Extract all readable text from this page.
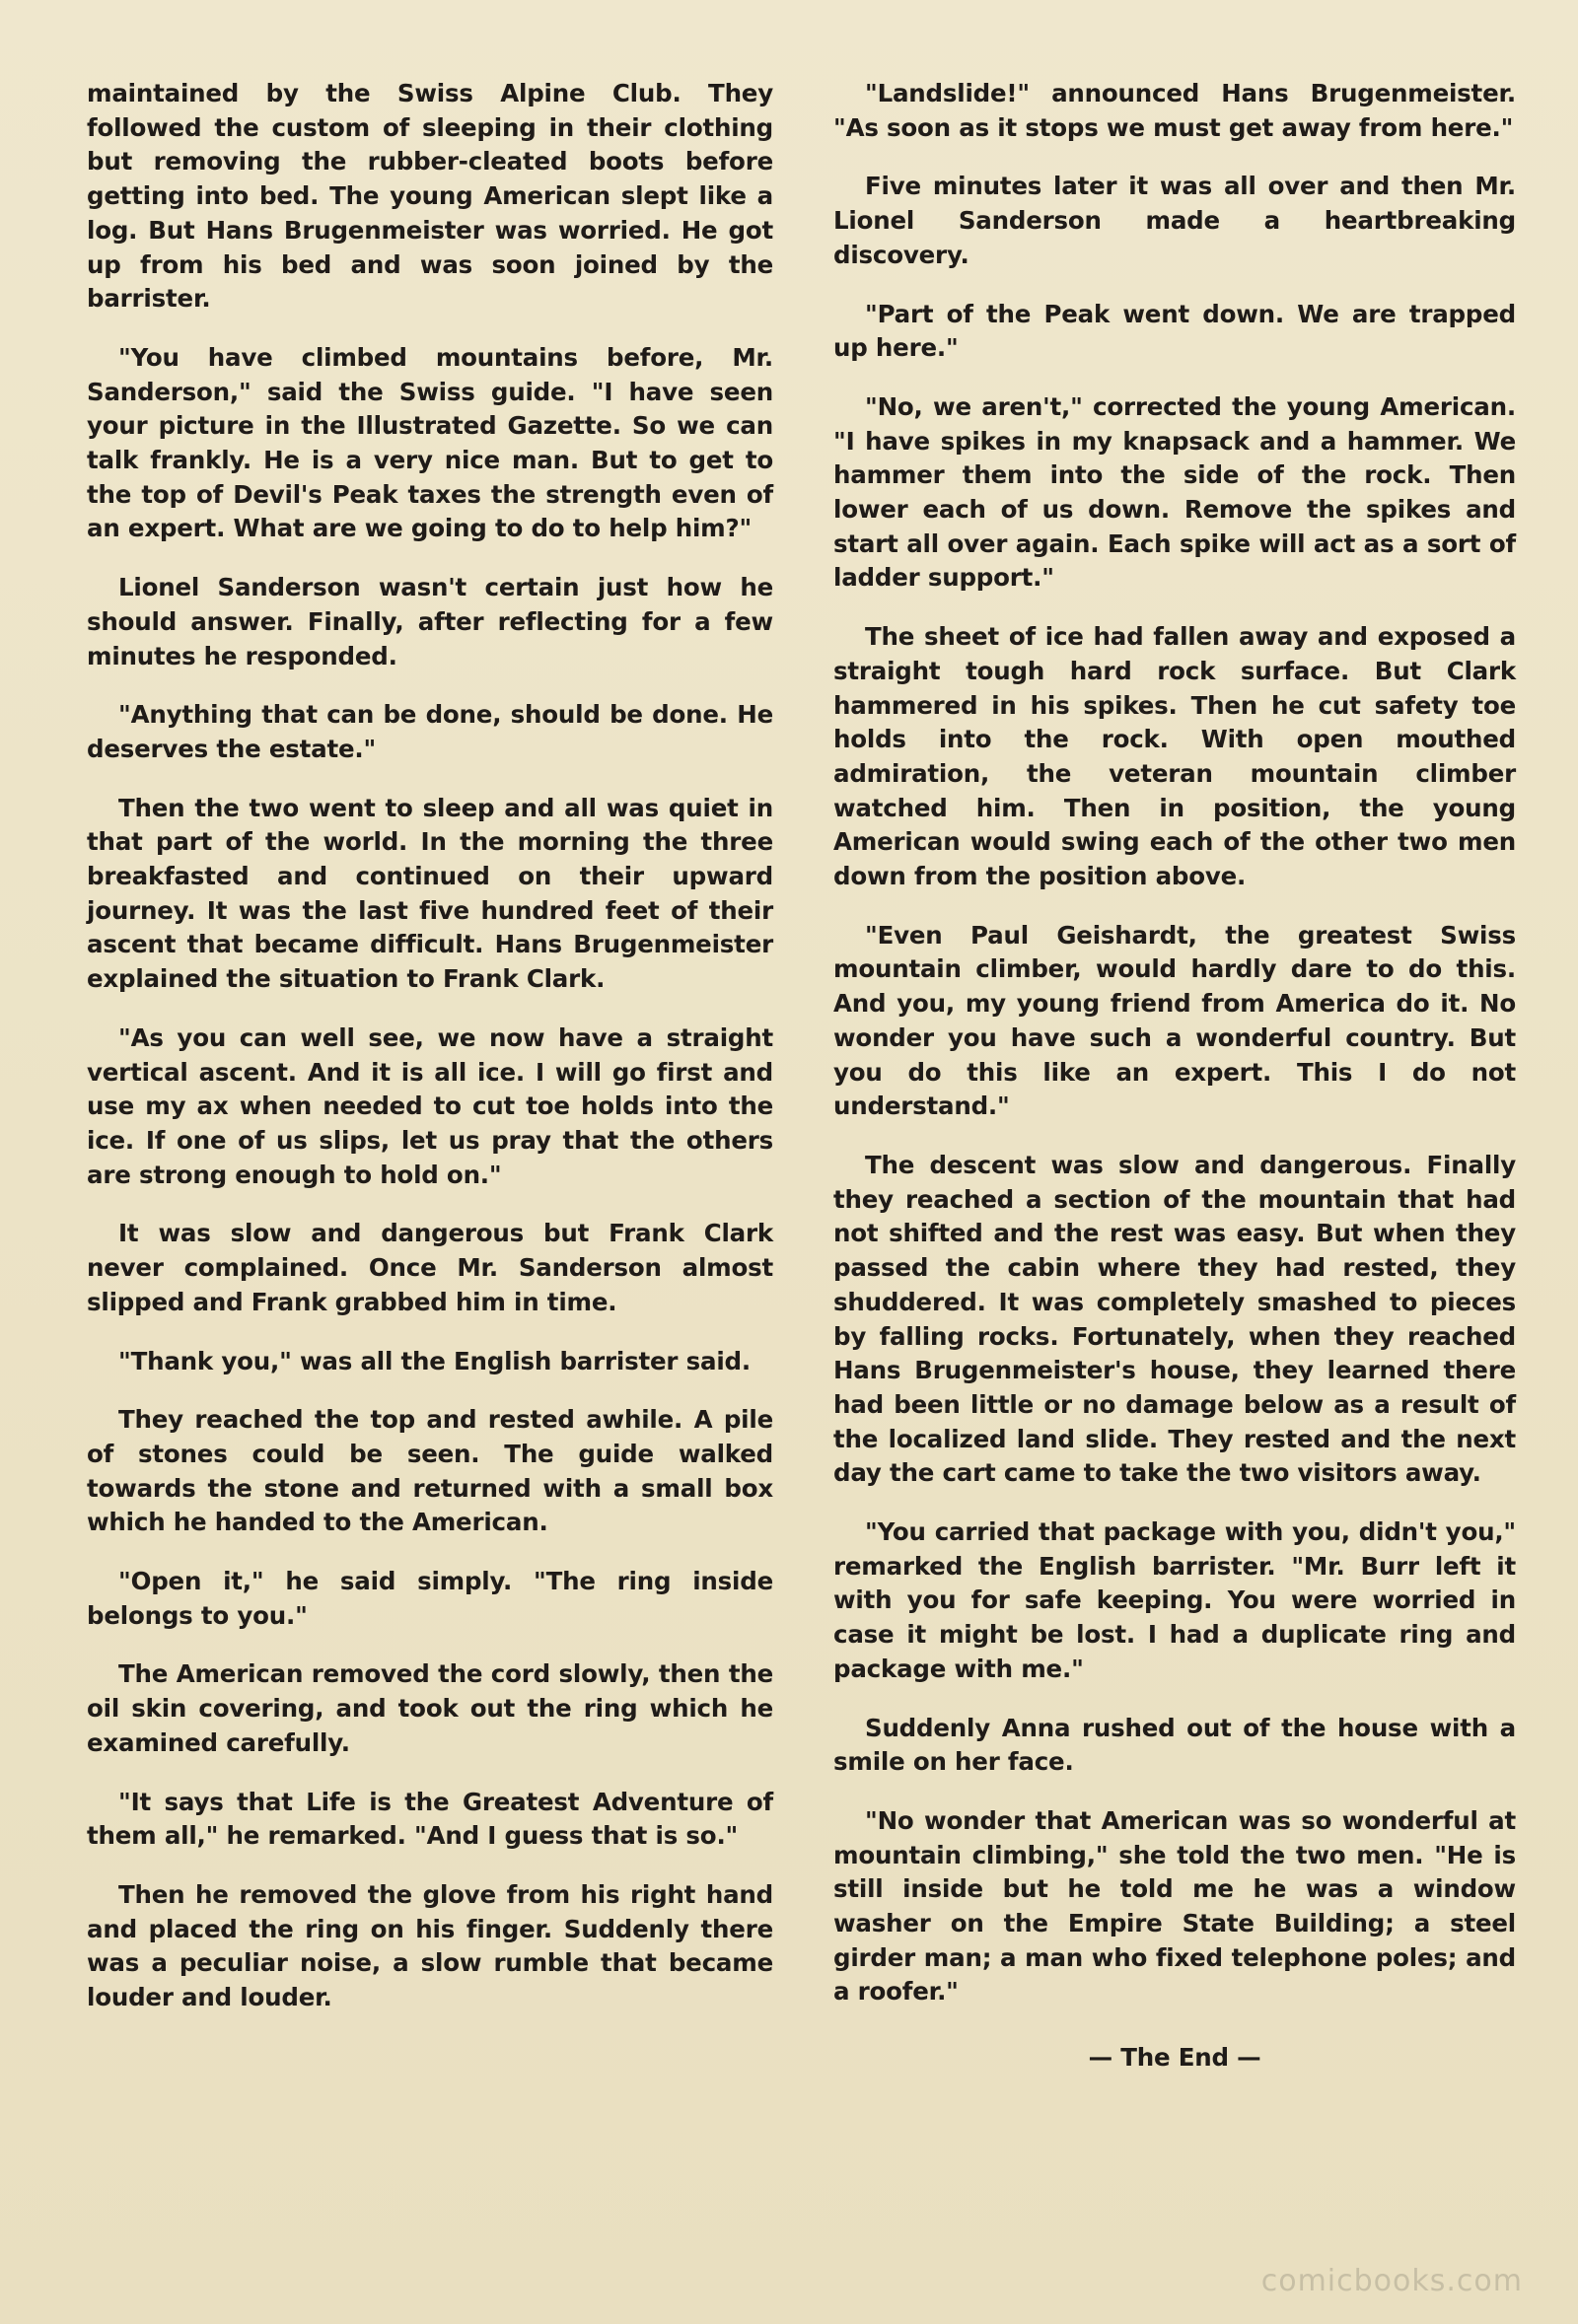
maintained by the Swiss Alpine Club. They followed the custom of sleeping in their clothing but removing the rubber-cleated boots before getting into bed. The young American slept like a log. But Hans Brugenmeister was worried. He got up from his bed and was soon joined by the barrister.

"You have climbed mountains before, Mr. Sanderson," said the Swiss guide. "I have seen your picture in the Illustrated Gazette. So we can talk frankly. He is a very nice man. But to get to the top of Devil's Peak taxes the strength even of an expert. What are we going to do to help him?"

Lionel Sanderson wasn't certain just how he should answer. Finally, after reflecting for a few minutes he responded.

"Anything that can be done, should be done. He deserves the estate."

Then the two went to sleep and all was quiet in that part of the world. In the morning the three breakfasted and continued on their upward journey. It was the last five hundred feet of their ascent that became difficult. Hans Brugenmeister explained the situation to Frank Clark.

"As you can well see, we now have a straight vertical ascent. And it is all ice. I will go first and use my ax when needed to cut toe holds into the ice. If one of us slips, let us pray that the others are strong enough to hold on."

It was slow and dangerous but Frank Clark never complained. Once Mr. Sanderson almost slipped and Frank grabbed him in time.

"Thank you," was all the English barrister said.

They reached the top and rested awhile. A pile of stones could be seen. The guide walked towards the stone and returned with a small box which he handed to the American.

"Open it," he said simply. "The ring inside belongs to you."

The American removed the cord slowly, then the oil skin covering, and took out the ring which he examined carefully.

"It says that Life is the Greatest Adventure of them all," he remarked. "And I guess that is so."

Then he removed the glove from his right hand and placed the ring on his finger. Suddenly there was a peculiar noise, a slow rumble that became louder and louder.

"Landslide!" announced Hans Brugenmeister. "As soon as it stops we must get away from here."

Five minutes later it was all over and then Mr. Lionel Sanderson made a heartbreaking discovery.

"Part of the Peak went down. We are trapped up here."

"No, we aren't," corrected the young American. "I have spikes in my knapsack and a hammer. We hammer them into the side of the rock. Then lower each of us down. Remove the spikes and start all over again. Each spike will act as a sort of ladder support."

The sheet of ice had fallen away and exposed a straight tough hard rock surface. But Clark hammered in his spikes. Then he cut safety toe holds into the rock. With open mouthed admiration, the veteran mountain climber watched him. Then in position, the young American would swing each of the other two men down from the position above.

"Even Paul Geishardt, the greatest Swiss mountain climber, would hardly dare to do this. And you, my young friend from America do it. No wonder you have such a wonderful country. But you do this like an expert. This I do not understand."

The descent was slow and dangerous. Finally they reached a section of the mountain that had not shifted and the rest was easy. But when they passed the cabin where they had rested, they shuddered. It was completely smashed to pieces by falling rocks. Fortunately, when they reached Hans Brugenmeister's house, they learned there had been little or no damage below as a result of the localized land slide. They rested and the next day the cart came to take the two visitors away.

"You carried that package with you, didn't you," remarked the English barrister. "Mr. Burr left it with you for safe keeping. You were worried in case it might be lost. I had a duplicate ring and package with me."

Suddenly Anna rushed out of the house with a smile on her face.

"No wonder that American was so wonderful at mountain climbing," she told the two men. "He is still inside but he told me he was a window washer on the Empire State Building; a steel girder man; a man who fixed telephone poles; and a roofer."

— The End —

comicbooks.com
